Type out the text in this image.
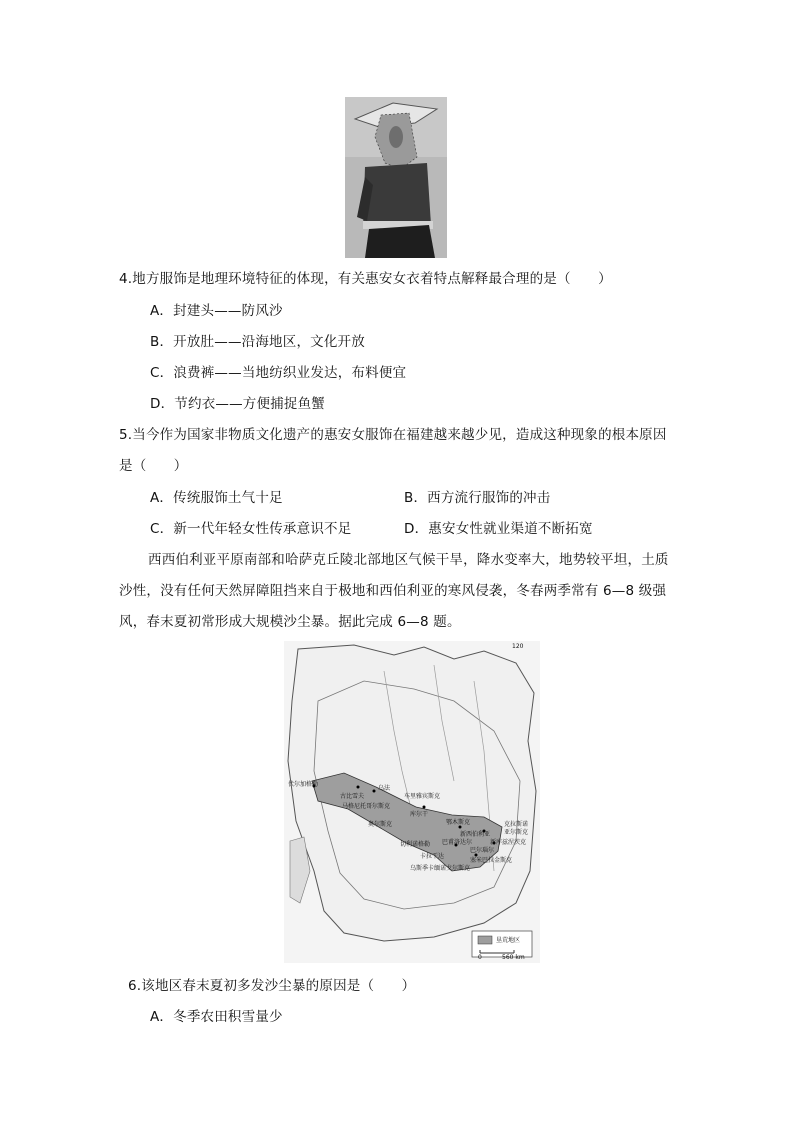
4.地方服饰是地理环境特征的体现，有关惠安女衣着特点解释最合理的是（　　）
A．封建头——防风沙
B．开放肚——沿海地区，文化开放
C．浪费裤——当地纺织业发达，布料便宜
D．节约衣——方便捕捉鱼蟹
5.当今作为国家非物质文化遗产的惠安女服饰在福建越来越少见，造成这种现象的根本原因
是（　　）
A．传统服饰土气十足	B．西方流行服饰的冲击
C．新一代年轻女性传承意识不足	D．惠安女性就业渠道不断拓宽
西西伯利亚平原南部和哈萨克丘陵北部地区气候干旱，降水变率大，地势较平坦，土质
沙性，没有任何天然屏障阻挡来自于极地和西伯利亚的寒风侵袭，冬春两季常有 6—8 级强
风，春末夏初常形成大规模沙尘暴。据此完成 6—8 题。
伏尔加格勒
古比雪夫
乌法
车里雅宾斯克
马格尼托哥尔斯克
库尔干
奥尔斯克	鄂木斯克
新西伯利亚
巴甫洛达尔
切利诺格勒
卡拉干达
巴尔瑙尔
塞米巴拉金斯克
乌斯季卡缅诺戈尔斯克
克拉斯诺
亚尔斯克
新库兹涅茨克
120
垦荒地区
0	560 km
6.该地区春末夏初多发沙尘暴的原因是（　　）
A．冬季农田积雪量少
